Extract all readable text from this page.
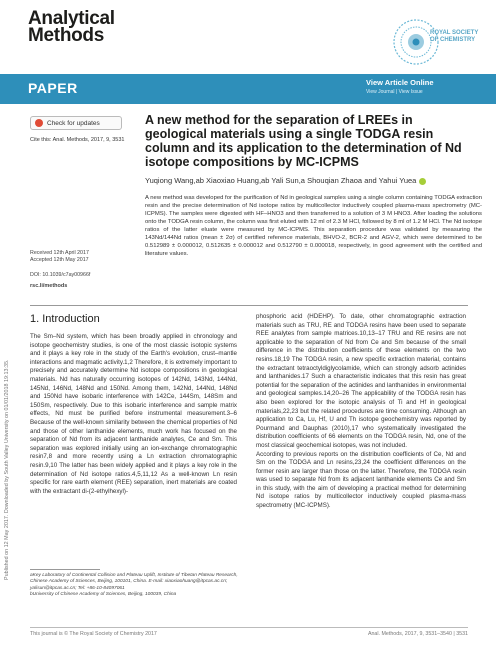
Analytical
Methods	ROYAL SOCIETY
OF CHEMISTRY
PAPER	View Article Online
View Journal | View Issue
Published on 12 May 2017. Downloaded by South Valley University on 01/01/2018 19:13:35.
Check for updates
Cite this: Anal. Methods, 2017, 9, 3531
A new method for the separation of LREEs in geological materials using a single TODGA resin column and its application to the determination of Nd isotope compositions by MC-ICPMS
Yuqiong Wang,ab Xiaoxiao Huang,ab Yali Sun,a Shouqian Zhaoa and Yahui Yuea
A new method was developed for the purification of Nd in geological samples using a single column containing TODGA extraction resin and the precise determination of Nd isotope ratios by multicollector inductively coupled plasma-mass spectrometry (MC-ICPMS). The samples were digested with HF–HNO3 and then transferred to a solution of 3 M HNO3. After loading the solutions onto the TODGA resin column, the column was first eluted with 12 ml of 2.3 M HCl, followed by 8 ml of 1.2 M HCl. The Nd isotope ratios of the latter eluate were measured by MC-ICPMS. This separation procedure was validated by measuring the 143Nd/144Nd ratios (mean ± 2σ) of certified reference materials, BHVO-2, BCR-2 and AGV-2, which were determined to be 0.512989 ± 0.000012, 0.512635 ± 0.000012 and 0.512790 ± 0.000018, respectively, in good agreement with the certified and literature values.
Received 12th April 2017
Accepted 12th May 2017
DOI: 10.1039/c7ay00966f
rsc.li/methods
1. Introduction
The Sm–Nd system, which has been broadly applied in chronology and isotope geochemistry studies, is one of the most classic isotopic systems and it plays a key role in the study of the Earth's evolution, crust–mantle interactions and magmatic activity.1,2 Therefore, it is extremely important to precisely and accurately determine Nd isotope compositions in geological materials. Nd has naturally occurring isotopes of 142Nd, 143Nd, 144Nd, 145Nd, 146Nd, 148Nd and 150Nd. Among them, 142Nd, 144Nd, 148Nd and 150Nd have isobaric interference with 142Ce, 144Sm, 148Sm and 150Sm, respectively. Due to this isobaric interference and sample matrix effects, Nd must be purified before instrumental measurement.3–6 Because of the well-known similarity between the chemical properties of Nd and those of other lanthanide elements, much work has focused on the separation of Nd from its adjacent lanthanide analytes, Ce and Sm. This separation was explored initially using an ion-exchange chromatographic resin7,8 and more recently using a Ln extraction chromatographic resin.9,10 The latter has been widely applied and it plays a key role in the determination of Nd isotope ratios.4,5,11,12 As a well-known Ln resin specific for rare earth element (REE) separation, inert materials are coated with the extractant di-(2-ethylhexyl)-
phosphoric acid (HDEHP). To date, other chromatographic extraction materials such as TRU, RE and TODGA resins have been used to separate REE analytes from sample matrices.10,13–17 TRU and RE resins are not applicable to the separation of Nd from Ce and Sm because of the small difference in the distribution coefficients of these elements on the two resins.18,19 The TODGA resin, a new specific extraction material, contains the extractant tetraoctyldiglycolamide, which can strongly adsorb actinides and lanthanides.17 Such a characteristic indicates that this resin has great potential for the separation of the actinides and lanthanides in environmental and geological samples.14,20–26 The applicability of the TODGA resin has also been explored for the isotopic analysis of Ti and Hf in geological materials,22,23 but the related procedures are time consuming. Although an application to Ca, Lu, Hf, U and Th isotope geochemistry was reported by Pourmand and Dauphas (2010),17 who systematically investigated the distribution coefficients of 66 elements on the TODGA resin, Nd, one of the most classical geochemical isotopes, was not included.
According to previous reports on the distribution coefficients of Ce, Nd and Sm on the TODGA and Ln resins,23,24 the coefficient differences on the former resin are larger than those on the latter. Therefore, the TODGA resin was used to separate Nd from its adjacent lanthanide elements Ce and Sm in this study, with the aim of developing a practical method for determining Nd isotope ratios by multicollector inductively coupled plasma-mass spectrometry (MC-ICPMS).

aKey Laboratory of Continental Collision and Plateau Uplift, Institute of Tibetan Plateau Research, Chinese Academy of Sciences, Beijing, 100101, China. E-mail: xiaoxiaohuang@itpcas.ac.cn; yalisun@itpcas.ac.cn; Tel: +86-10-84097061

bUniversity of Chinese Academy of Sciences, Beijing, 100039, China

This journal is © The Royal Society of Chemistry 2017	Anal. Methods, 2017, 9, 3531–3540 | 3531
